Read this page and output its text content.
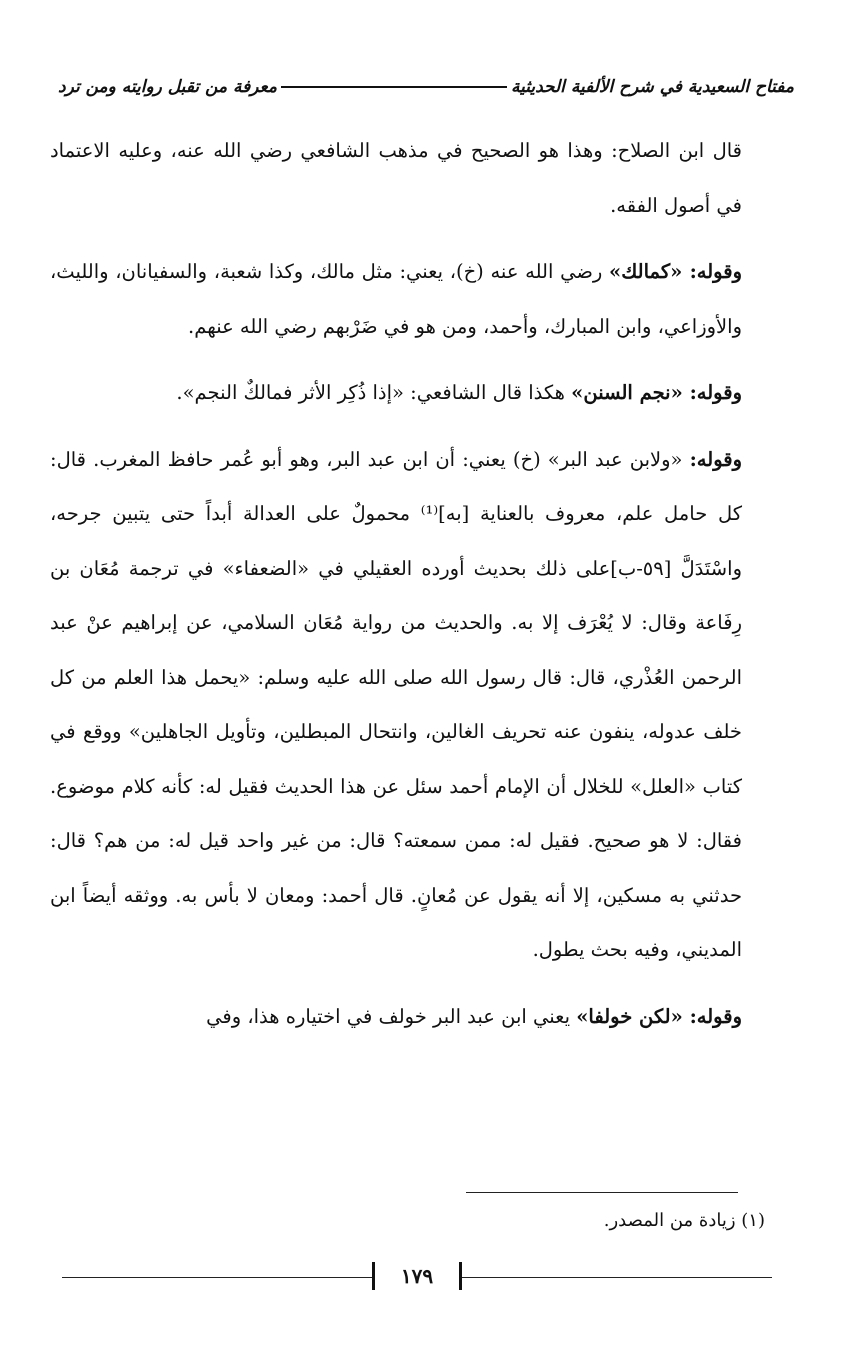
مفتاح السعيدية في شرح الألفية الحديثية
معرفة من تقبل روايته ومن ترد

قال ابن الصلاح: وهذا هو الصحيح في مذهب الشافعي رضي الله عنه، وعليه الاعتماد في أصول الفقه.

وقوله: «كمالك» رضي الله عنه (خ)، يعني: مثل مالك، وكذا شعبة، والسفيانان، والليث، والأوزاعي، وابن المبارك، وأحمد، ومن هو في ضَرْبهم رضي الله عنهم.

وقوله: «نجم السنن» هكذا قال الشافعي: «إذا ذُكِر الأثر فمالكٌ النجم».

وقوله: «ولابن عبد البر» (خ) يعني: أن ابن عبد البر، وهو أبو عُمر حافظ المغرب. قال: كل حامل علم، معروف بالعناية [به]⁽¹⁾ محمولٌ على العدالة أبداً حتى يتبين جرحه، واسْتَدَلَّ [٥٩-ب]على ذلك بحديث أورده العقيلي في «الضعفاء» في ترجمة مُعَان بن رِفَاعة وقال: لا يُعْرَف إلا به. والحديث من رواية مُعَان السلامي، عن إبراهيم عنْ عبد الرحمن العُذْري، قال: قال رسول الله صلى الله عليه وسلم: «يحمل هذا العلم من كل خلف عدوله، ينفون عنه تحريف الغالين، وانتحال المبطلين، وتأويل الجاهلين» ووقع في كتاب «العلل» للخلال أن الإمام أحمد سئل عن هذا الحديث فقيل له: كأنه كلام موضوع. فقال: لا هو صحيح. فقيل له: ممن سمعته؟ قال: من غير واحد قيل له: من هم؟ قال: حدثني به مسكين، إلا أنه يقول عن مُعانٍ. قال أحمد: ومعان لا بأس به. ووثقه أيضاً ابن المديني، وفيه بحث يطول.

وقوله: «لكن خولفا» يعني ابن عبد البر خولف في اختياره هذا، وفي

(١) زيادة من المصدر.
١٧٩
